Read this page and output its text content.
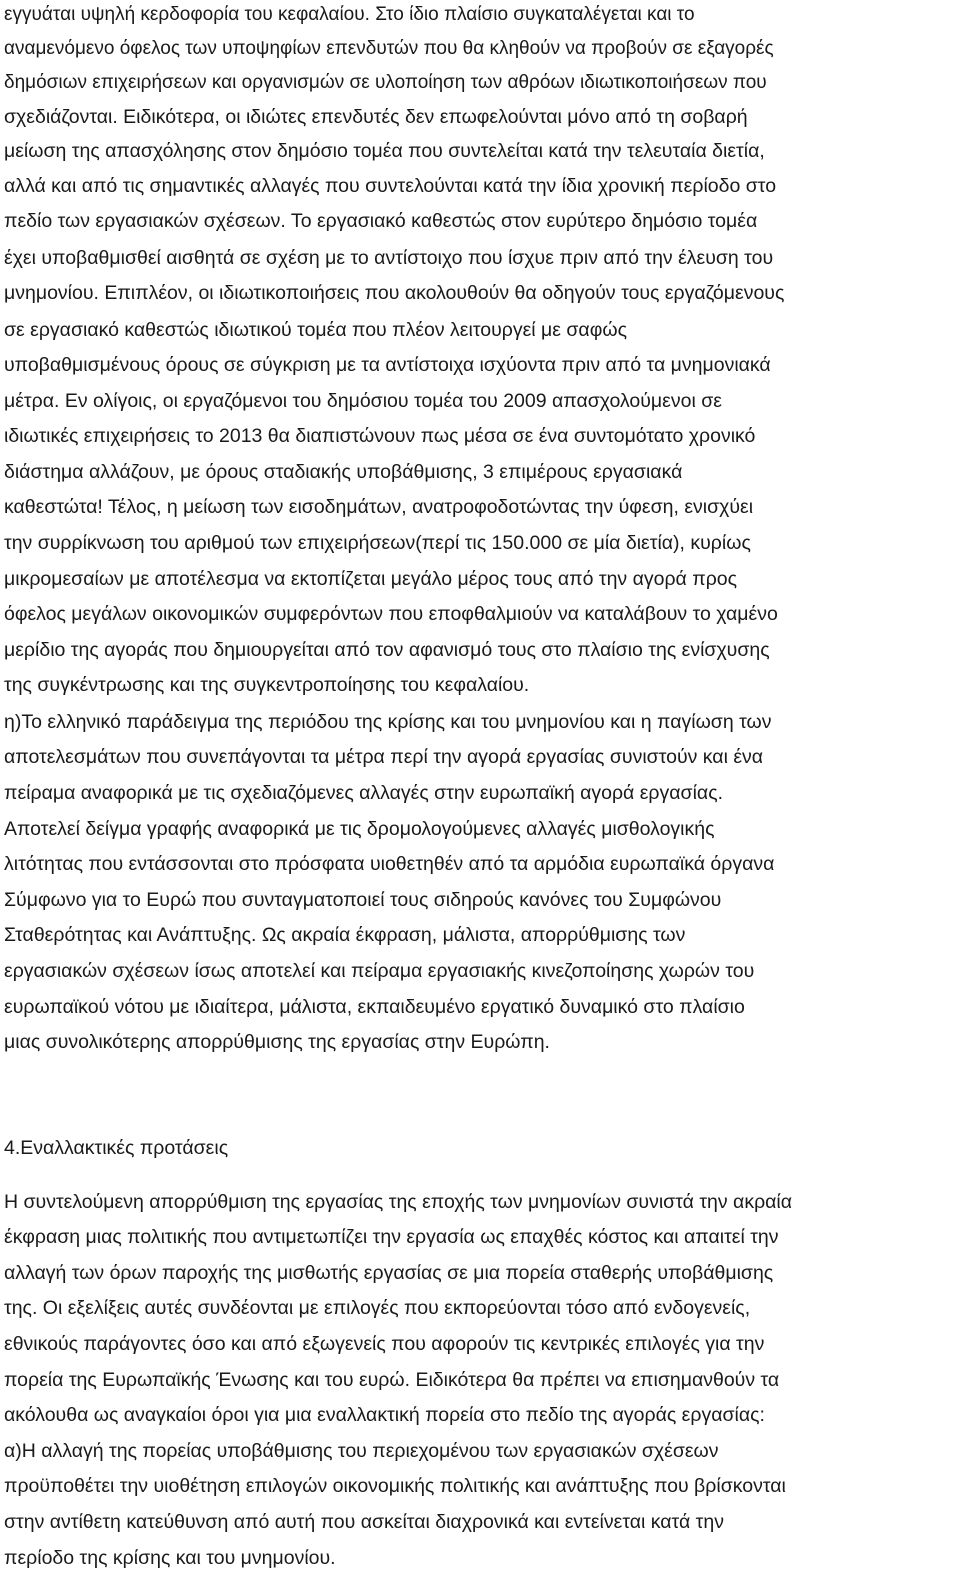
εγγυάται υψηλή κερδοφορία του κεφαλαίου. Στο ίδιο πλαίσιο συγκαταλέγεται και το

αναμενόμενο όφελος των υποψηφίων επενδυτών που θα κληθούν να προβούν σε εξαγορές

δημόσιων επιχειρήσεων και οργανισμών σε υλοποίηση των αθρόων ιδιωτικοποιήσεων που

σχεδιάζονται. Ειδικότερα, οι ιδιώτες επενδυτές δεν επωφελούνται μόνο από τη σοβαρή

μείωση της απασχόλησης στον δημόσιο τομέα που συντελείται κατά την τελευταία διετία,

αλλά και από τις σημαντικές αλλαγές που συντελούνται κατά την ίδια χρονική περίοδο στο

πεδίο των εργασιακών σχέσεων. Το εργασιακό καθεστώς στον ευρύτερο δημόσιο τομέα

έχει υποβαθμισθεί αισθητά σε σχέση με το αντίστοιχο που ίσχυε πριν από την έλευση του

μνημονίου. Επιπλέον, οι ιδιωτικοποιήσεις που ακολουθούν θα οδηγούν τους εργαζόμενους

σε εργασιακό καθεστώς ιδιωτικού τομέα που πλέον λειτουργεί με σαφώς

υποβαθμισμένους όρους σε σύγκριση με τα αντίστοιχα ισχύοντα πριν από τα μνημονιακά

μέτρα. Εν ολίγοις, οι εργαζόμενοι του δημόσιου τομέα του 2009 απασχολούμενοι σε

ιδιωτικές επιχειρήσεις το 2013 θα διαπιστώνουν πως μέσα σε ένα συντομότατο χρονικό

διάστημα αλλάζουν, με όρους σταδιακής υποβάθμισης, 3 επιμέρους εργασιακά

καθεστώτα! Τέλος, η μείωση των εισοδημάτων, ανατροφοδοτώντας την ύφεση, ενισχύει

την συρρίκνωση του αριθμού των επιχειρήσεων(περί τις 150.000 σε μία διετία), κυρίως

μικρομεσαίων με αποτέλεσμα να εκτοπίζεται μεγάλο μέρος τους από την αγορά προς

όφελος μεγάλων οικονομικών συμφερόντων που εποφθαλμιούν να καταλάβουν το χαμένο

μερίδιο της αγοράς που δημιουργείται από τον αφανισμό τους στο πλαίσιο της ενίσχυσης

της συγκέντρωσης και της συγκεντροποίησης του κεφαλαίου.

η)Το ελληνικό παράδειγμα της περιόδου της κρίσης και του μνημονίου και η παγίωση των

αποτελεσμάτων που συνεπάγονται τα μέτρα περί την αγορά εργασίας συνιστούν και ένα

πείραμα αναφορικά με τις σχεδιαζόμενες αλλαγές στην ευρωπαϊκή αγορά εργασίας.

Αποτελεί δείγμα γραφής αναφορικά με τις δρομολογούμενες αλλαγές μισθολογικής

λιτότητας που εντάσσονται στο πρόσφατα υιοθετηθέν από τα αρμόδια ευρωπαϊκά όργανα

Σύμφωνο για το Ευρώ που συνταγματοποιεί τους σιδηρούς κανόνες του Συμφώνου

Σταθερότητας και Ανάπτυξης. Ως ακραία έκφραση, μάλιστα, απορρύθμισης των

εργασιακών σχέσεων ίσως αποτελεί και πείραμα εργασιακής κινεζοποίησης χωρών του

ευρωπαϊκού νότου με ιδιαίτερα, μάλιστα, εκπαιδευμένο εργατικό δυναμικό στο πλαίσιο

μιας συνολικότερης απορρύθμισης της εργασίας στην Ευρώπη.

4.Εναλλακτικές προτάσεις

Η συντελούμενη απορρύθμιση της εργασίας της εποχής των μνημονίων συνιστά την ακραία

έκφραση μιας πολιτικής που αντιμετωπίζει την εργασία ως επαχθές κόστος και απαιτεί την

αλλαγή των όρων παροχής της μισθωτής εργασίας σε μια πορεία σταθερής υποβάθμισης

της. Οι εξελίξεις αυτές συνδέονται με επιλογές που εκπορεύονται τόσο από ενδογενείς,

εθνικούς παράγοντες όσο και από εξωγενείς που αφορούν τις κεντρικές επιλογές για την

πορεία της Ευρωπαϊκής Ένωσης και του ευρώ. Ειδικότερα θα πρέπει να επισημανθούν τα

ακόλουθα ως αναγκαίοι όροι για μια εναλλακτική πορεία στο πεδίο της αγοράς εργασίας:

α)Η αλλαγή της πορείας υποβάθμισης του περιεχομένου των εργασιακών σχέσεων

προϋποθέτει την υιοθέτηση επιλογών οικονομικής πολιτικής και ανάπτυξης που βρίσκονται

στην αντίθετη κατεύθυνση από αυτή που ασκείται διαχρονικά και εντείνεται κατά την

περίοδο της κρίσης και του μνημονίου.
